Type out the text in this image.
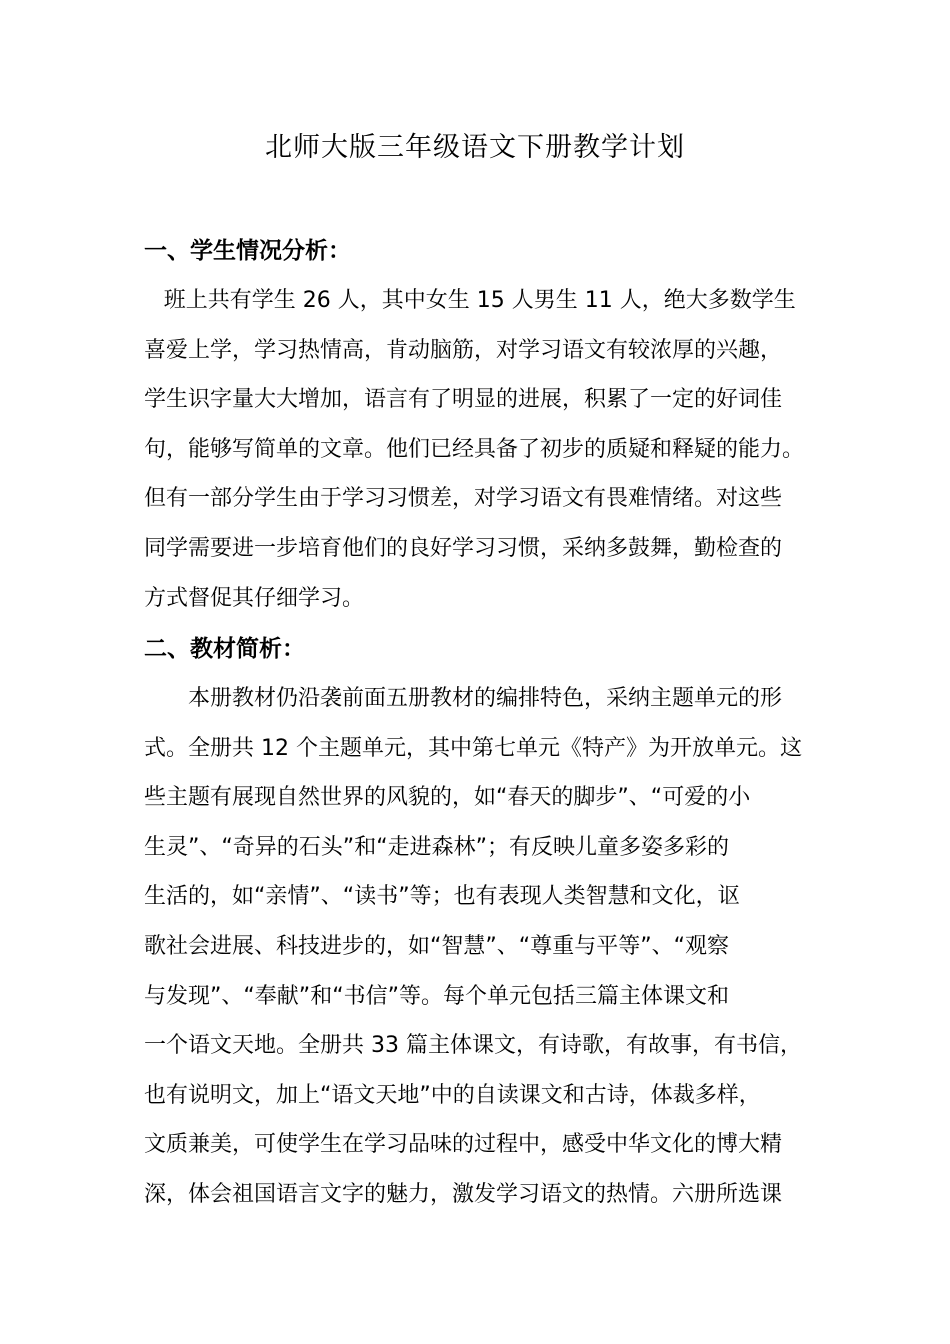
北师大版三年级语文下册教学计划
一、学生情况分析：
班上共有学生 26 人，其中女生 15 人男生 11 人，绝大多数学生
喜爱上学，学习热情高，肯动脑筋，对学习语文有较浓厚的兴趣，
学生识字量大大增加，语言有了明显的进展，积累了一定的好词佳
句，能够写简单的文章。他们已经具备了初步的质疑和释疑的能力。
但有一部分学生由于学习习惯差，对学习语文有畏难情绪。对这些
同学需要进一步培育他们的良好学习习惯，采纳多鼓舞，勤检查的
方式督促其仔细学习。
二、教材简析：
本册教材仍沿袭前面五册教材的编排特色，采纳主题单元的形
式。全册共 12 个主题单元，其中第七单元《特产》为开放单元。这
些主题有展现自然世界的风貌的，如“春天的脚步”、“可爱的小
生灵”、“奇异的石头”和“走进森林”；有反映儿童多姿多彩的
生活的，如“亲情”、“读书”等；也有表现人类智慧和文化，讴
歌社会进展、科技进步的，如“智慧”、“尊重与平等”、“观察
与发现”、“奉献”和“书信”等。每个单元包括三篇主体课文和
一个语文天地。全册共 33 篇主体课文，有诗歌，有故事，有书信，
也有说明文，加上“语文天地”中的自读课文和古诗，体裁多样，
文质兼美，可使学生在学习品味的过程中，感受中华文化的博大精
深，体会祖国语言文字的魅力，激发学习语文的热情。六册所选课
